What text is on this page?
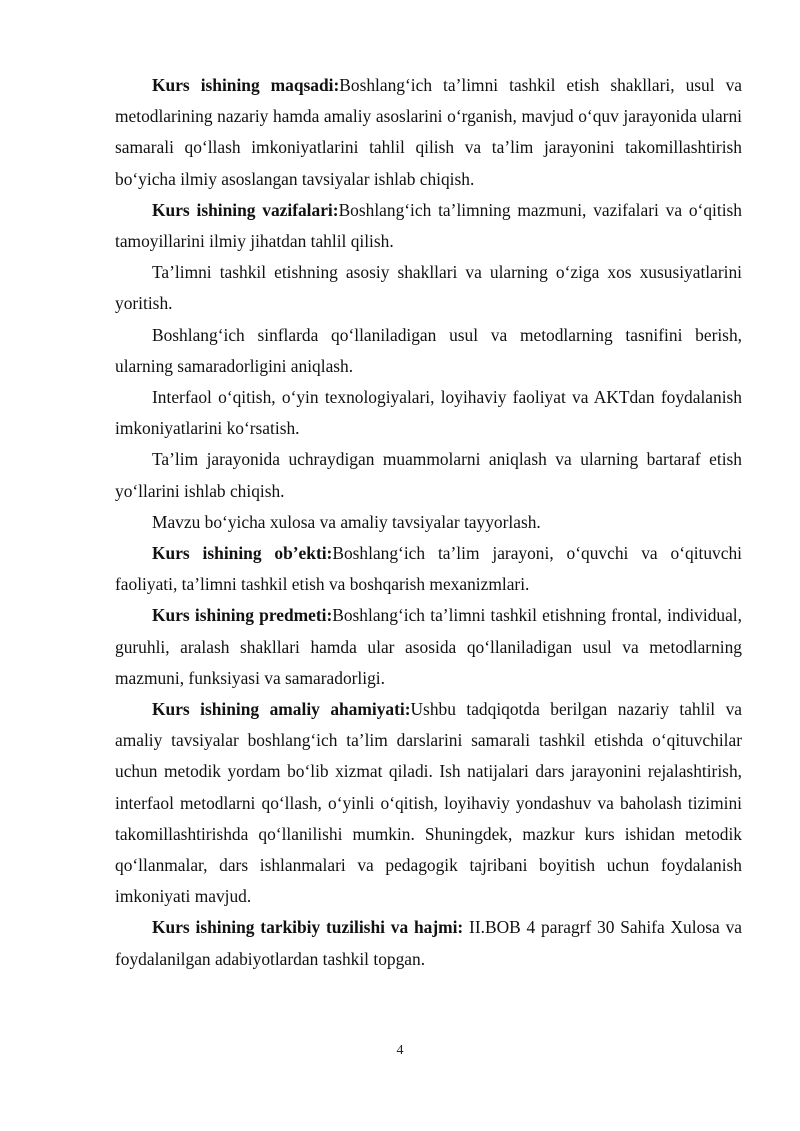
Kurs ishining maqsadi:Boshlang‘ich ta’limni tashkil etish shakllari, usul va metodlarining nazariy hamda amaliy asoslarini o‘rganish, mavjud o‘quv jarayonida ularni samarali qo‘llash imkoniyatlarini tahlil qilish va ta’lim jarayonini takomillashtirish bo‘yicha ilmiy asoslangan tavsiyalar ishlab chiqish.

Kurs ishining vazifalari:Boshlang‘ich ta’limning mazmuni, vazifalari va o‘qitish tamoyillarini ilmiy jihatdan tahlil qilish.

Ta’limni tashkil etishning asosiy shakllari va ularning o‘ziga xos xususiyatlarini yoritish.

Boshlang‘ich sinflarda qo‘llaniladigan usul va metodlarning tasnifini berish, ularning samaradorligini aniqlash.

Interfaol o‘qitish, o‘yin texnologiyalari, loyihaviy faoliyat va AKTdan foydalanish imkoniyatlarini ko‘rsatish.

Ta’lim jarayonida uchraydigan muammolarni aniqlash va ularning bartaraf etish yo‘llarini ishlab chiqish.

Mavzu bo‘yicha xulosa va amaliy tavsiyalar tayyorlash.

Kurs ishining ob’ekti:Boshlang‘ich ta’lim jarayoni, o‘quvchi va o‘qituvchi faoliyati, ta’limni tashkil etish va boshqarish mexanizmlari.

Kurs ishining predmeti:Boshlang‘ich ta’limni tashkil etishning frontal, individual, guruhli, aralash shakllari hamda ular asosida qo‘llaniladigan usul va metodlarning mazmuni, funksiyasi va samaradorligi.

Kurs ishining amaliy ahamiyati:Ushbu tadqiqotda berilgan nazariy tahlil va amaliy tavsiyalar boshlang‘ich ta’lim darslarini samarali tashkil etishda o‘qituvchilar uchun metodik yordam bo‘lib xizmat qiladi. Ish natijalari dars jarayonini rejalashtirish, interfaol metodlarni qo‘llash, o‘yinli o‘qitish, loyihaviy yondashuv va baholash tizimini takomillashtirishda qo‘llanilishi mumkin. Shuningdek, mazkur kurs ishidan metodik qo‘llanmalar, dars ishlanmalari va pedagogik tajribani boyitish uchun foydalanish imkoniyati mavjud.

Kurs ishining tarkibiy tuzilishi va hajmi: II.BOB 4 paragrf 30 Sahifa Xulosa va foydalanilgan adabiyotlardan tashkil topgan.

4
